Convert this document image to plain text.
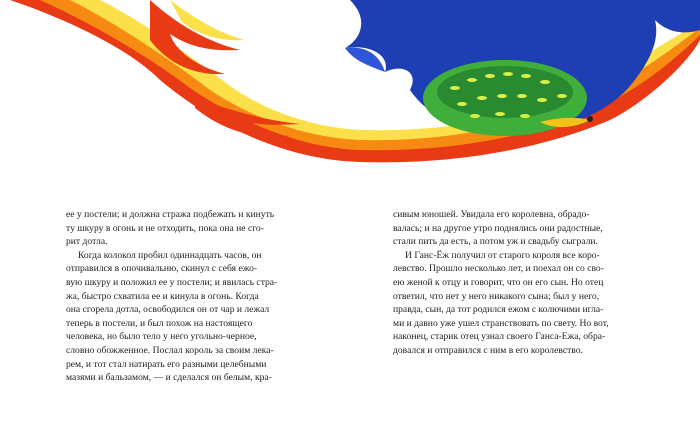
ее у постели; и должна стража подбежать и кинуть

ту шкуру в огонь и не отходить, пока она не сго-

рит дотла.

Когда колокол пробил одиннадцать часов, он

отправился в опочивальню, скинул с себя ежо-

вую шкуру и положил ее у постели; и явилась стра-

жа, быстро схватила ее и кинула в огонь. Когда

она сгорела дотла, освободился он от чар и лежал

теперь в постели, и был похож на настоящего

человека, но было тело у него угольно-черное,

словно обожженное. Послал король за своим лека-

рем, и тот стал натирать его разными целебными

мазями и бальзамом, — и сделался он белым, кра-

сивым юношей. Увидала его королевна, обрадо-

валась; и на другое утро поднялись они радостные,

стали пить да есть, а потом уж и свадьбу сыграли.

И Ганс-Ёж получил от старого короля все коро-

левство. Прошло несколько лет, и поехал он со сво-

ею женой к отцу и говорит, что он его сын. Но отец

ответил, что нет у него никакого сына; был у него,

правда, сын, да тот родился ежом с колючими игла-

ми и давно уже ушел странствовать по свету. Но вот,

наконец, старик отец узнал своего Ганса-Ежа, обра-

довался и отправился с ним в его королевство.
